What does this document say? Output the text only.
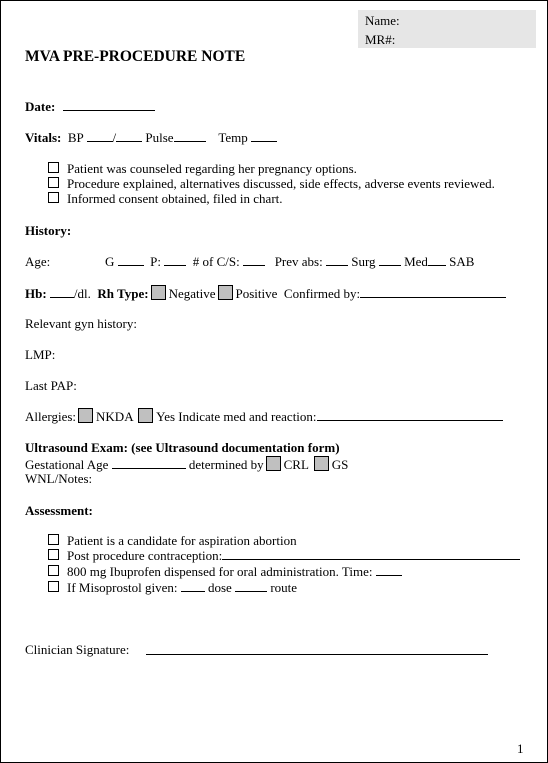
Name:
MR#:
MVA PRE-PROCEDURE NOTE
Date:
Vitals: BP / Pulse	Temp
Patient was counseled regarding her pregnancy options.
Procedure explained, alternatives discussed, side effects, adverse events reviewed.
Informed consent obtained, filed in chart.
History:
Age:	G	P: # of C/S:	Prev abs: Surg Med SAB
Hb: /dl. Rh Type: Negative Positive Confirmed by:
Relevant gyn history:
LMP:
Last PAP:
Allergies: NKDA Yes Indicate med and reaction:
Ultrasound Exam: (see Ultrasound documentation form)
Gestational Age	determined by CRL GS
WNL/Notes:
Assessment:
Patient is a candidate for aspiration abortion
Post procedure contraception:
800 mg Ibuprofen dispensed for oral administration. Time:
If Misoprostol given: dose	route
Clinician Signature:
1
